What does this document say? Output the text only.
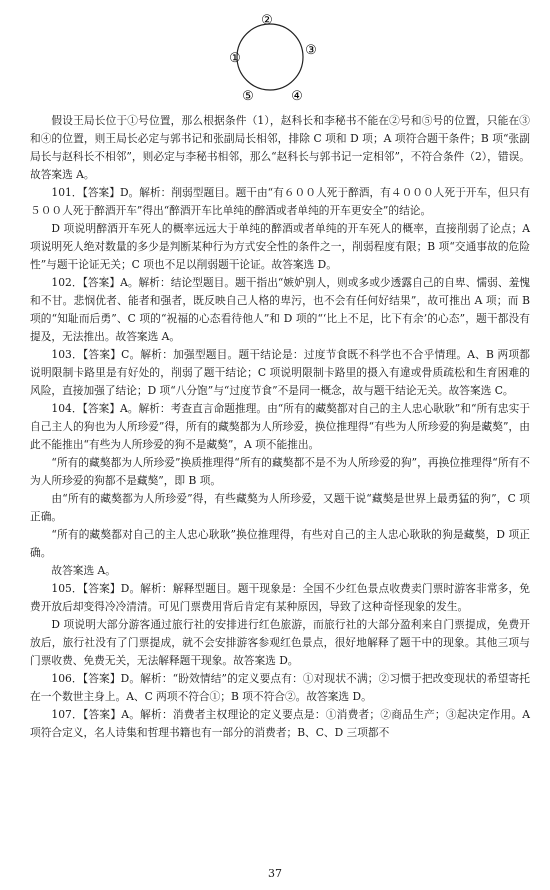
①
②
③
④
⑤

假设王局长位于①号位置，那么根据条件（1），赵科长和李秘书不能在②号和⑤号的位置，只能在③和④的位置，则王局长必定与郭书记和张副局长相邻，排除 C 项和 D 项；A 项符合题干条件；B 项“张副局长与赵科长不相邻”，则必定与李秘书相邻，那么“赵科长与郭书记一定相邻”，不符合条件（2），错误。故答案选 A。

101．【答案】D。解析：削弱型题目。题干由“有６００人死于醉酒，有４０００人死于开车，但只有５００人死于醉酒开车”得出“醉酒开车比单纯的醉酒或者单纯的开车更安全”的结论。

D 项说明醉酒开车死人的概率远远大于单纯的醉酒或者单纯的开车死人的概率，直接削弱了论点；A 项说明死人绝对数量的多少是判断某种行为方式安全性的条件之一，削弱程度有限；B 项“交通事故的危险性”与题干论证无关；C 项也不足以削弱题干论证。故答案选 D。

102．【答案】A。解析：结论型题目。题干指出“嫉妒别人，则或多或少透露自己的自卑、懦弱、羞愧和不甘。悲悯优者、能者和强者，既反映自己人格的卑污，也不会有任何好结果”，故可推出 A 项；而 B 项的“知耻而后勇”、C 项的“祝福的心态看待他人”和 D 项的“‘比上不足，比下有余’的心态”，题干都没有提及，无法推出。故答案选 A。

103．【答案】C。解析：加强型题目。题干结论是：过度节食既不科学也不合乎情理。A、B 两项都说明限制卡路里是有好处的，削弱了题干结论；C 项说明限制卡路里的摄入有違或骨质疏松和生育困难的风险，直接加强了结论；D 项“八分饱”与“过度节食”不是同一概念，故与题干结论无关。故答案选 C。

104．【答案】A。解析：考查直言命题推理。由“所有的藏獒都对自己的主人忠心耿耿”和“所有忠实于自己主人的狗也为人所珍爱”得，所有的藏獒都为人所珍爱，换位推理得“有些为人所珍爱的狗是藏獒”，由此不能推出“有些为人所珍爱的狗不是藏獒”，A 项不能推出。

“所有的藏獒都为人所珍爱”换质推理得“所有的藏獒都不是不为人所珍爱的狗”，再换位推理得“所有不为人所珍爱的狗都不是藏獒”，即 B 项。

由“所有的藏獒都为人所珍爱”得，有些藏獒为人所珍爱，又题干说“藏獒是世界上最勇猛的狗”，C 项正确。

“所有的藏獒都对自己的主人忠心耿耿”换位推理得，有些对自己的主人忠心耿耿的狗是藏獒，D 项正确。

故答案选 A。

105．【答案】D。解析：解释型题目。题干现象是：全国不少红色景点收费卖门票时游客非常多，免费开放后却变得冷冷清清。可见门票费用背后肯定有某种原因，导致了这种奇怪现象的发生。

D 项说明大部分游客通过旅行社的安排进行红色旅游，而旅行社的大部分盈利来自门票提成，免费开放后，旅行社没有了门票提成，就不会安排游客参观红色景点，很好地解释了题干中的现象。其他三项与门票收费、免费无关，无法解释题干现象。故答案选 D。

106．【答案】D。解析：“盼效情结”的定义要点有：①对现状不满；②习惯于把改变现状的希望寄托在一个数世主身上。A、C 两项不符合①；B 项不符合②。故答案选 D。

107．【答案】A。解析：消费者主权理论的定义要点是：①消费者；②商品生产；③起决定作用。A 项符合定义，名人诗集和哲理书籍也有一部分的消费者；B、C、D 三项都不

37
